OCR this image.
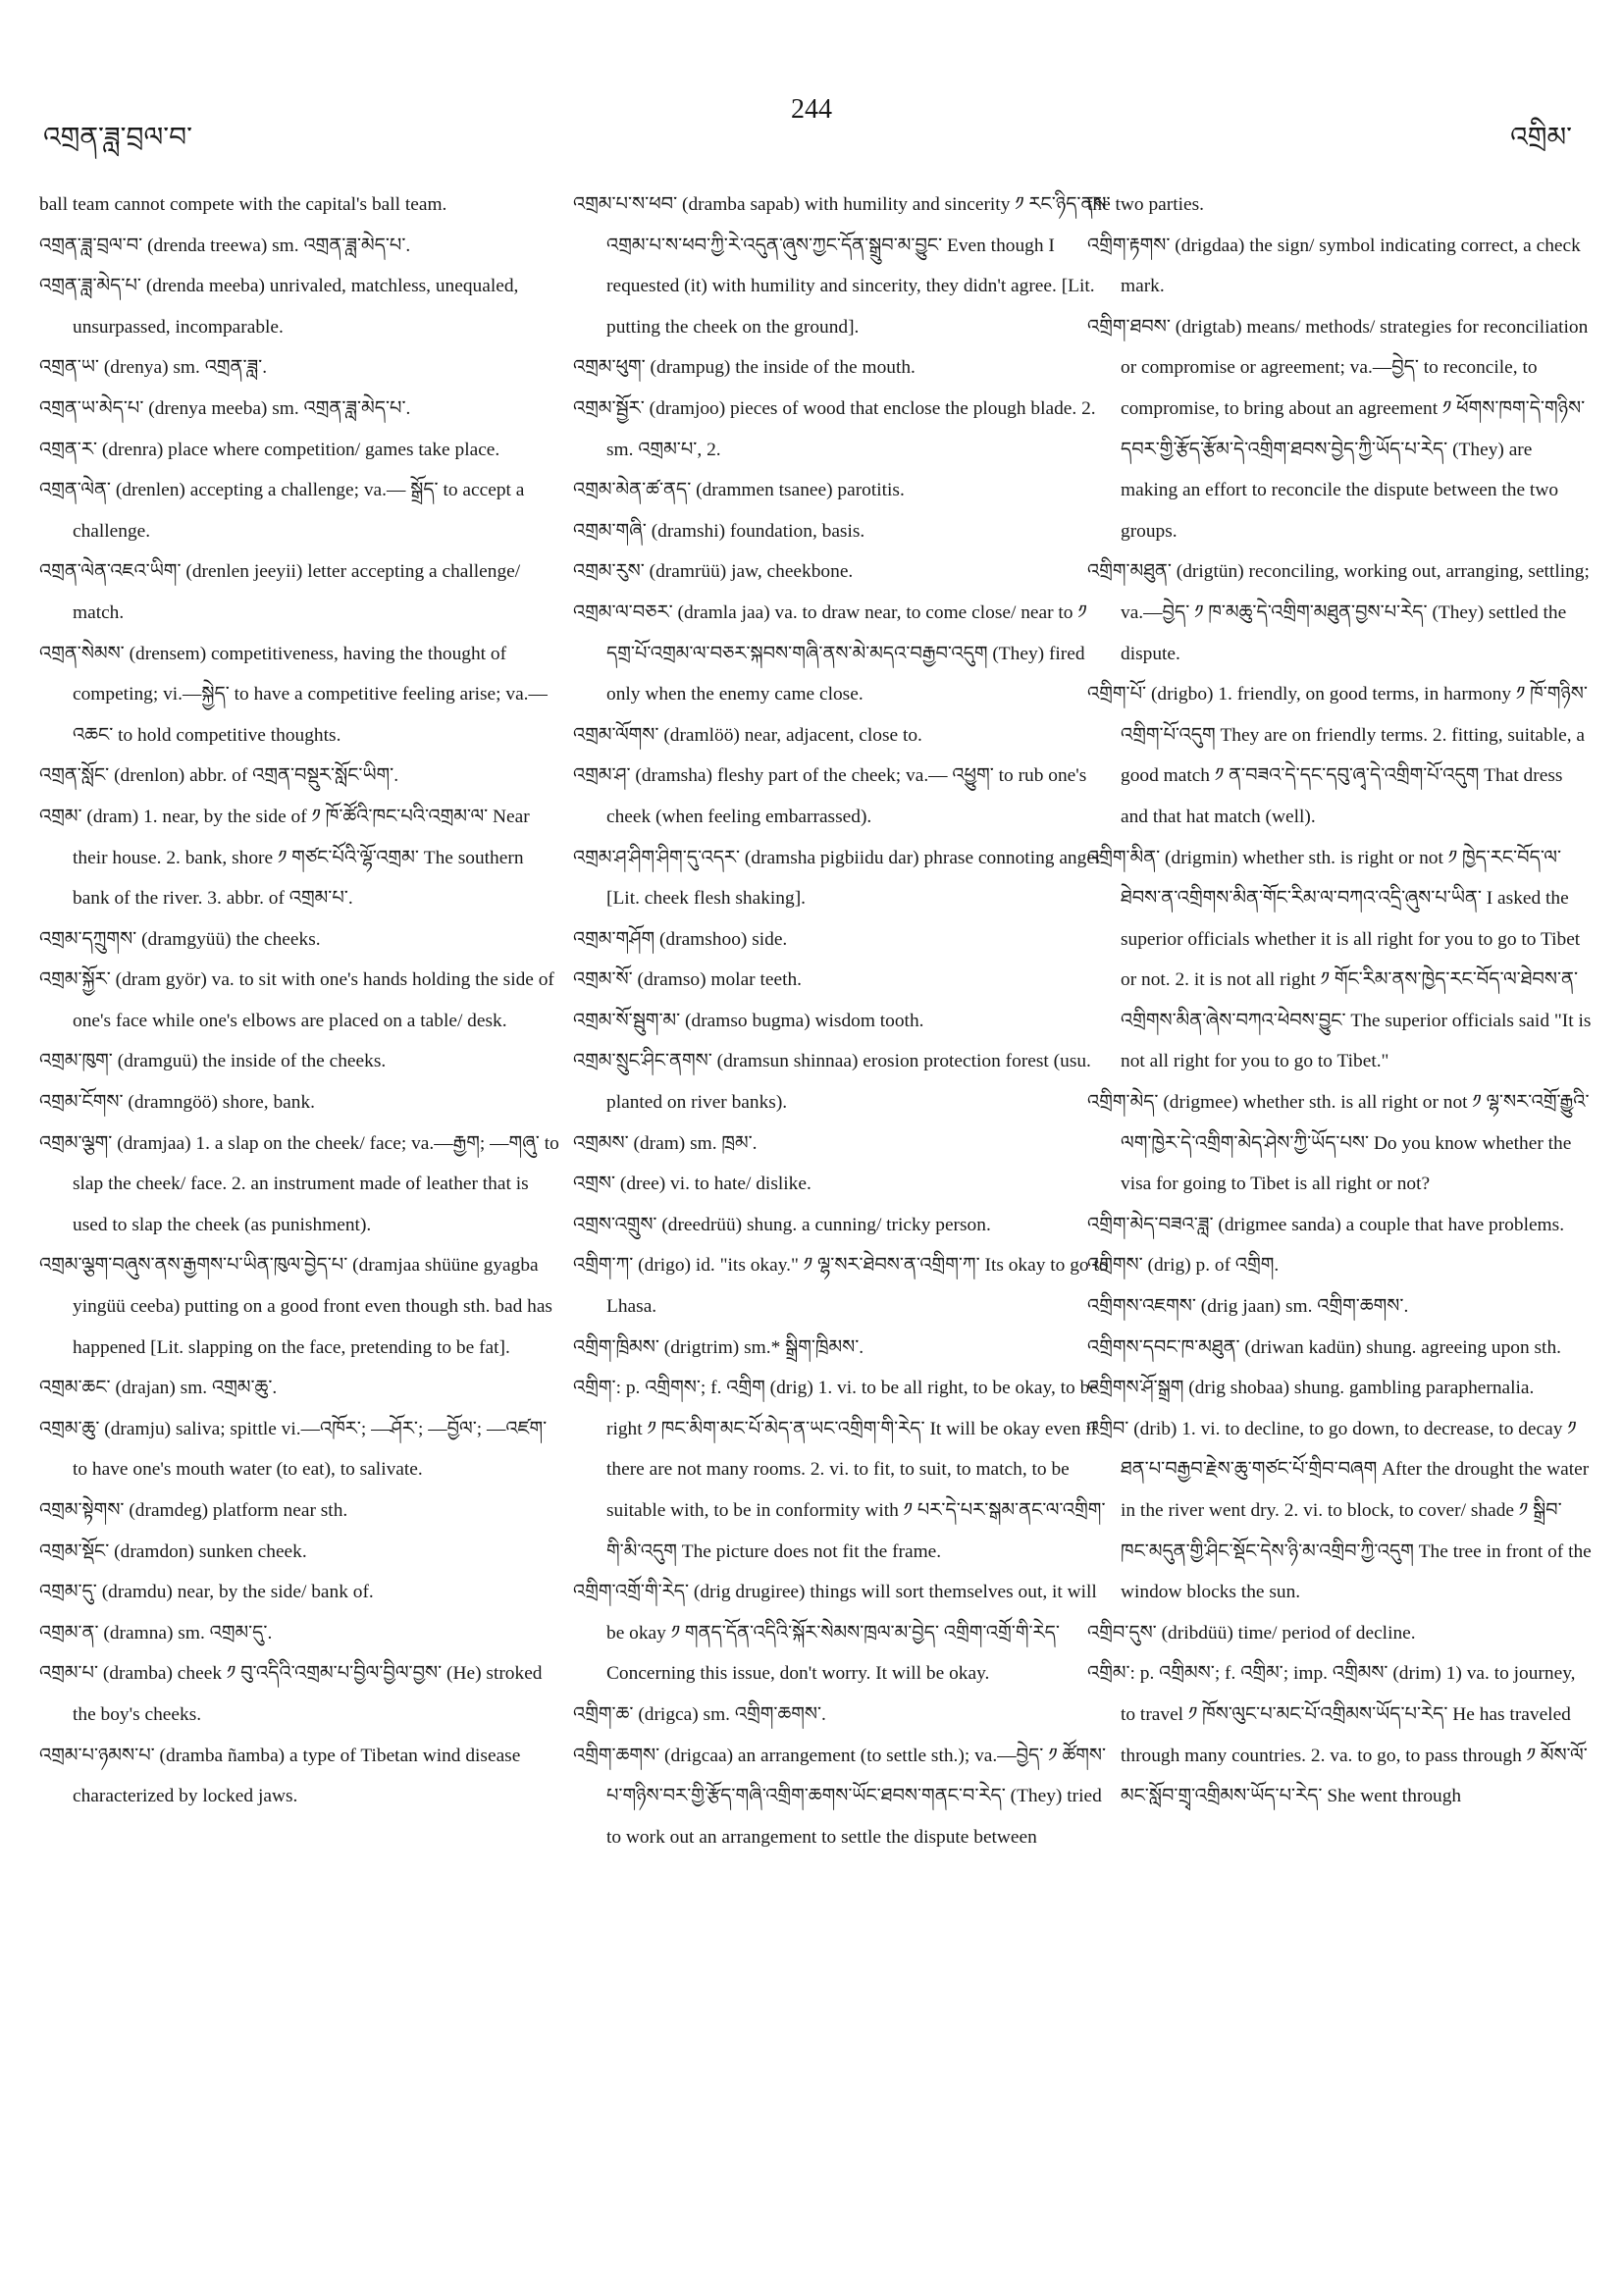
འགྲན་ཟླ་བྲལ་བ་
244
འགྲིམ་

ball team cannot compete with the capital's ball team.

འགྲན་ཟླ་བྲལ་བ་ (drenda treewa) sm. འགྲན་ཟླ་མེད་པ་.

འགྲན་ཟླ་མེད་པ་ (drenda meeba) unrivaled, matchless, unequaled, unsurpassed, incomparable.

འགྲན་ཡ་ (drenya) sm. འགྲན་ཟླ་.

འགྲན་ཡ་མེད་པ་ (drenya meeba) sm. འགྲན་ཟླ་མེད་པ་.

འགྲན་ར་ (drenra) place where competition/ games take place.

འགྲན་ལེན་ (drenlen) accepting a challenge; va.— སྒྲོད་ to accept a challenge.

འགྲན་ལེན་འཇའ་ཡིག་ (drenlen jeeyii) letter accepting a challenge/ match.

འགྲན་སེམས་ (drensem) competitiveness, having the thought of competing; vi.—སྐྱེད་ to have a competitive feeling arise; va.—འཆང་ to hold competitive thoughts.

འགྲན་སློང་ (drenlon) abbr. of འགྲན་བསྡུར་སློང་ཡིག་.

འགྲམ་ (dram) 1. near, by the side of ༡ ཁོ་ཚོའི་ཁང་པའི་འགྲམ་ལ་ Near their house. 2. bank, shore ༡ གཙང་པོའི་ལྷོ་འགྲམ་ The southern bank of the river. 3. abbr. of འགྲམ་པ་.

འགྲམ་དཀྲུགས་ (dramgyüü) the cheeks.

འགྲམ་སྐྱོར་ (dram györ) va. to sit with one's hands holding the side of one's face while one's elbows are placed on a table/ desk.

འགྲམ་ཁུག་ (dramguü) the inside of the cheeks.

འགྲམ་ངོགས་ (dramngöö) shore, bank.

འགྲམ་ལྕག་ (dramjaa) 1. a slap on the cheek/ face; va.—རྒྱག; —གཞུ་ to slap the cheek/ face. 2. an instrument made of leather that is used to slap the cheek (as punishment).

འགྲམ་ལྕག་བཞུས་ནས་རྒྱགས་པ་ཡིན་ཁུལ་བྱེད་པ་ (dramjaa shüüne gyagba yingüü ceeba) putting on a good front even though sth. bad has happened [Lit. slapping on the face, pretending to be fat].

འགྲམ་ཆང་ (drajan) sm. འགྲམ་ཆུ་.

འགྲམ་ཆུ་ (dramju) saliva; spittle vi.—འཁོར་; —ཤོར་; —བྱོལ་; —འཛག་ to have one's mouth water (to eat), to salivate.

འགྲམ་སྟེགས་ (dramdeg) platform near sth.

འགྲམ་སྡོང་ (dramdon) sunken cheek.

འགྲམ་དུ་ (dramdu) near, by the side/ bank of.

འགྲམ་ན་ (dramna) sm. འགྲམ་དུ་.

འགྲམ་པ་ (dramba) cheek ༡ བུ་འདིའི་འགྲམ་པ་བྱིལ་བྱིལ་བྱས་ (He) stroked the boy's cheeks.

འགྲམ་པ་ཉམས་པ་ (dramba ñamba) a type of Tibetan wind disease characterized by locked jaws.

འགྲམ་པ་ས་ཕབ་ (dramba sapab) with humility and sincerity ༡ རང་ཉིད་ནས་འགྲམ་པ་ས་ཕབ་ཀྱི་རེ་འདུན་ཞུས་ཀྱང་དོན་སྒྲུབ་མ་བྱུང་ Even though I requested (it) with humility and sincerity, they didn't agree. [Lit. putting the cheek on the ground].

འགྲམ་ཕུག་ (drampug) the inside of the mouth.

འགྲམ་སྦྱོར་ (dramjoo) pieces of wood that enclose the plough blade. 2. sm. འགྲམ་པ་, 2.

འགྲམ་མེན་ཚ་ནད་ (drammen tsanee) parotitis.

འགྲམ་གཞི་ (dramshi) foundation, basis.

འགྲམ་རུས་ (dramrüü) jaw, cheekbone.

འགྲམ་ལ་བཅར་ (dramla jaa) va. to draw near, to come close/ near to ༡ དགྲ་པོ་འགྲམ་ལ་བཅར་སྐབས་གཞི་ནས་མེ་མདའ་བརྒྱབ་འདུག (They) fired only when the enemy came close.

འགྲམ་ལོགས་ (dramlöö) near, adjacent, close to.

འགྲམ་ཤ་ (dramsha) fleshy part of the cheek; va.— འཕྱུག་ to rub one's cheek (when feeling embarrassed).

འགྲམ་ཤ་ཤིག་ཤིག་དུ་འདར་ (dramsha pigbiidu dar) phrase connoting anger [Lit. cheek flesh shaking].

འགྲམ་གཤོག (dramshoo) side.

འགྲམ་སོ་ (dramso) molar teeth.

འགྲམ་སོ་སྦུག་མ་ (dramso bugma) wisdom tooth.

འགྲམ་སྲུང་ཤིང་ནགས་ (dramsun shinnaa) erosion protection forest (usu. planted on river banks).

འགྲམས་ (dram) sm. ཁྲམ་.

འགྲས་ (dree) vi. to hate/ dislike.

འགྲས་འགྲུས་ (dreedrüü) shung. a cunning/ tricky person.

འགྲིག་ཀ་ (drigo) id. "its okay." ༡ ལྷ་སར་ཐེབས་ན་འགྲིག་ཀ་ Its okay to go to Lhasa.

འགྲིག་ཁྲིམས་ (drigtrim) sm.* སྒྲིག་ཁྲིམས་.

འགྲིག་: p. འགྲིགས་; f. འགྲིག (drig) 1. vi. to be all right, to be okay, to be right ༡ ཁང་མིག་མང་པོ་མེད་ན་ཡང་འགྲིག་གི་རེད་ It will be okay even if there are not many rooms. 2. vi. to fit, to suit, to match, to be suitable with, to be in conformity with ༡ པར་དེ་པར་སྒམ་ནང་ལ་འགྲིག་གི་མི་འདུག The picture does not fit the frame.

འགྲིག་འགྲོ་གི་རེད་ (drig drugiree) things will sort themselves out, it will be okay ༡ གནད་དོན་འདིའི་སྐོར་སེམས་ཁྲལ་མ་བྱེད་ འགྲིག་འགྲོ་གི་རེད་ Concerning this issue, don't worry. It will be okay.

འགྲིག་ཆ་ (drigca) sm. འགྲིག་ཆགས་.

འགྲིག་ཆགས་ (drigcaa) an arrangement (to settle sth.); va.—བྱེད་ ༡ ཚོགས་པ་གཉིས་བར་གྱི་རྩོད་གཞི་འགྲིག་ཆགས་ཡོང་ཐབས་གནང་བ་རེད་ (They) tried to work out an arrangement to settle the dispute between

the two parties.

འགྲིག་རྟགས་ (drigdaa) the sign/ symbol indicating correct, a check mark.

འགྲིག་ཐབས་ (drigtab) means/ methods/ strategies for reconciliation or compromise or agreement; va.—བྱེད་ to reconcile, to compromise, to bring about an agreement ༡ ཕོགས་ཁག་དེ་གཉིས་དབར་གྱི་རྩོད་རྩོམ་དེ་འགྲིག་ཐབས་བྱེད་ཀྱི་ཡོད་པ་རེད་ (They) are making an effort to reconcile the dispute between the two groups.

འགྲིག་མཐུན་ (drigtün) reconciling, working out, arranging, settling; va.—བྱེད་ ༡ ཁ་མཆུ་དེ་འགྲིག་མཐུན་བྱས་པ་རེད་ (They) settled the dispute.

འགྲིག་པོ་ (drigbo) 1. friendly, on good terms, in harmony ༡ ཁོ་གཉིས་འགྲིག་པོ་འདུག They are on friendly terms. 2. fitting, suitable, a good match ༡ ན་བཟའ་དེ་དང་དབུ་ཞྭ་དེ་འགྲིག་པོ་འདུག That dress and that hat match (well).

འགྲིག་མིན་ (drigmin) whether sth. is right or not ༡ ཁྱེད་རང་བོད་ལ་ཐེབས་ན་འགྲིགས་མིན་གོང་རིམ་ལ་བཀའ་འདྲི་ཞུས་པ་ཡིན་ I asked the superior officials whether it is all right for you to go to Tibet or not. 2. it is not all right ༡ གོང་རིམ་ནས་ཁྱེད་རང་བོད་ལ་ཐེབས་ན་འགྲིགས་མིན་ཞེས་བཀའ་ཕེབས་བྱུང་ The superior officials said "It is not all right for you to go to Tibet."

འགྲིག་མེད་ (drigmee) whether sth. is all right or not ༡ ལྷ་སར་འགྲོ་རྒྱུའི་ལག་ཁྱེར་དེ་འགྲིག་མེད་ཤེས་ཀྱི་ཡོད་པས་ Do you know whether the visa for going to Tibet is all right or not?

འགྲིག་མེད་བཟའ་ཟླ་ (drigmee sanda) a couple that have problems.

འགྲིགས་ (drig) p. of འགྲིག.

འགྲིགས་འཇགས་ (drig jaan) sm. འགྲིག་ཆགས་.

འགྲིགས་དབང་ཁ་མཐུན་ (driwan kadün) shung. agreeing upon sth.

འགྲིགས་ཤོ་སྒྲག (drig shobaa) shung. gambling paraphernalia.

འགྲིབ་ (drib) 1. vi. to decline, to go down, to decrease, to decay ༡ ཐན་པ་བརྒྱབ་རྗེས་ཆུ་གཙང་པོ་གྲིབ་བཞག After the drought the water in the river went dry. 2. vi. to block, to cover/ shade ༡ སྒྲིབ་ ཁང་མདུན་གྱི་ཤིང་སྡོང་དེས་ཉི་མ་འགྲིབ་ཀྱི་འདུག The tree in front of the window blocks the sun.

འགྲིབ་དུས་ (dribdüü) time/ period of decline.

འགྲིམ་: p. འགྲིམས་; f. འགྲིམ་; imp. འགྲིམས་ (drim) 1) va. to journey, to travel ༡ ཁོས་ལུང་པ་མང་པོ་འགྲིམས་ཡོད་པ་རེད་ He has traveled through many countries. 2. va. to go, to pass through ༡ མོས་ལོ་མང་སློབ་གྲྭ་འགྲིམས་ཡོད་པ་རེད་ She went through
